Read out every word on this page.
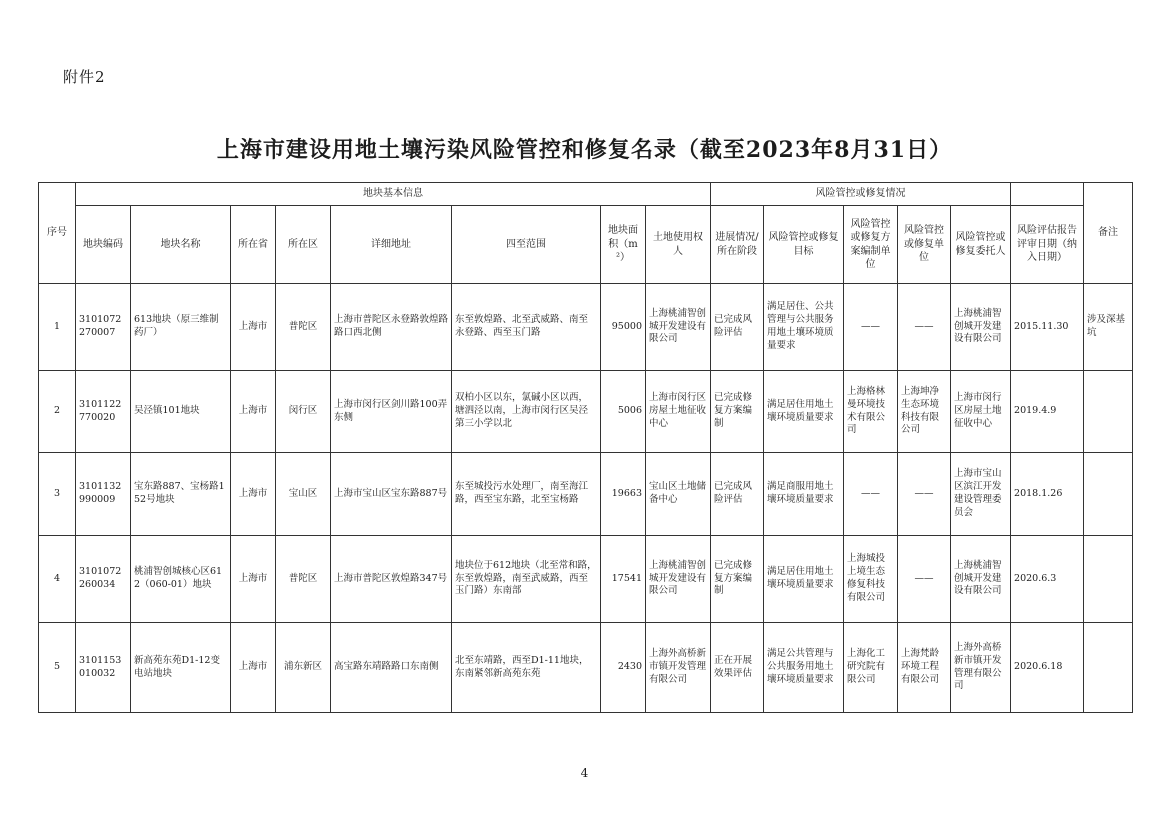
附件2
上海市建设用地土壤污染风险管控和修复名录（截至2023年8月31日）
序号	地块基本信息								风险管控或修复情况						备注
	地块编码	地块名称	所在省	所在区	详细地址	四至范围	地块面积（m²）	土地使用权人	进展情况/所在阶段	风险管控或修复目标	风险管控或修复方案编制单位	风险管控或修复单位	风险管控或修复委托人	风险评估报告评审日期（纳入日期）	
1	3101072270007	613地块（原三维制药厂）	上海市	普陀区	上海市普陀区永登路敦煌路路口西北侧	东至敦煌路、北至武威路、南至永登路、西至玉门路	95000	上海桃浦智创城开发建设有限公司	已完成风险评估	满足居住、公共管理与公共服务用地土壤环境质量要求	——	——	上海桃浦智创城开发建设有限公司	2015.11.30	涉及深基坑
2	3101122770020	吴泾镇101地块	上海市	闵行区	上海市闵行区剑川路100弄东侧	双柏小区以东，氯碱小区以西，塘泗泾以南，上海市闵行区吴泾第三小学以北	5006	上海市闵行区房屋土地征收中心	已完成修复方案编制	满足居住用地土壤环境质量要求	上海格林曼环境技术有限公司	上海坤净生态环境科技有限公司	上海市闵行区房屋土地征收中心	2019.4.9	
3	3101132990009	宝东路887、宝杨路152号地块	上海市	宝山区	上海市宝山区宝东路887号	东至城投污水处理厂，南至海江路，西至宝东路，北至宝杨路	19663	宝山区土地储备中心	已完成风险评估	满足商服用地土壤环境质量要求	——	——	上海市宝山区滨江开发建设管理委员会	2018.1.26	
4	3101072260034	桃浦智创城核心区612（060-01）地块	上海市	普陀区	上海市普陀区敦煌路347号	地块位于612地块（北至常和路，东至敦煌路，南至武威路，西至玉门路）东南部	17541	上海桃浦智创城开发建设有限公司	已完成修复方案编制	满足居住用地土壤环境质量要求	上海城投上境生态修复科技有限公司	——	上海桃浦智创城开发建设有限公司	2020.6.3	
5	3101153010032	新高苑东苑D1-12变电站地块	上海市	浦东新区	高宝路东靖路路口东南侧	北至东靖路，西至D1-11地块，东南紧邻新高苑东苑	2430	上海外高桥新市镇开发管理有限公司	正在开展效果评估	满足公共管理与公共服务用地土壤环境质量要求	上海化工研究院有限公司	上海梵龄环境工程有限公司	上海外高桥新市镇开发管理有限公司	2020.6.18	
4
